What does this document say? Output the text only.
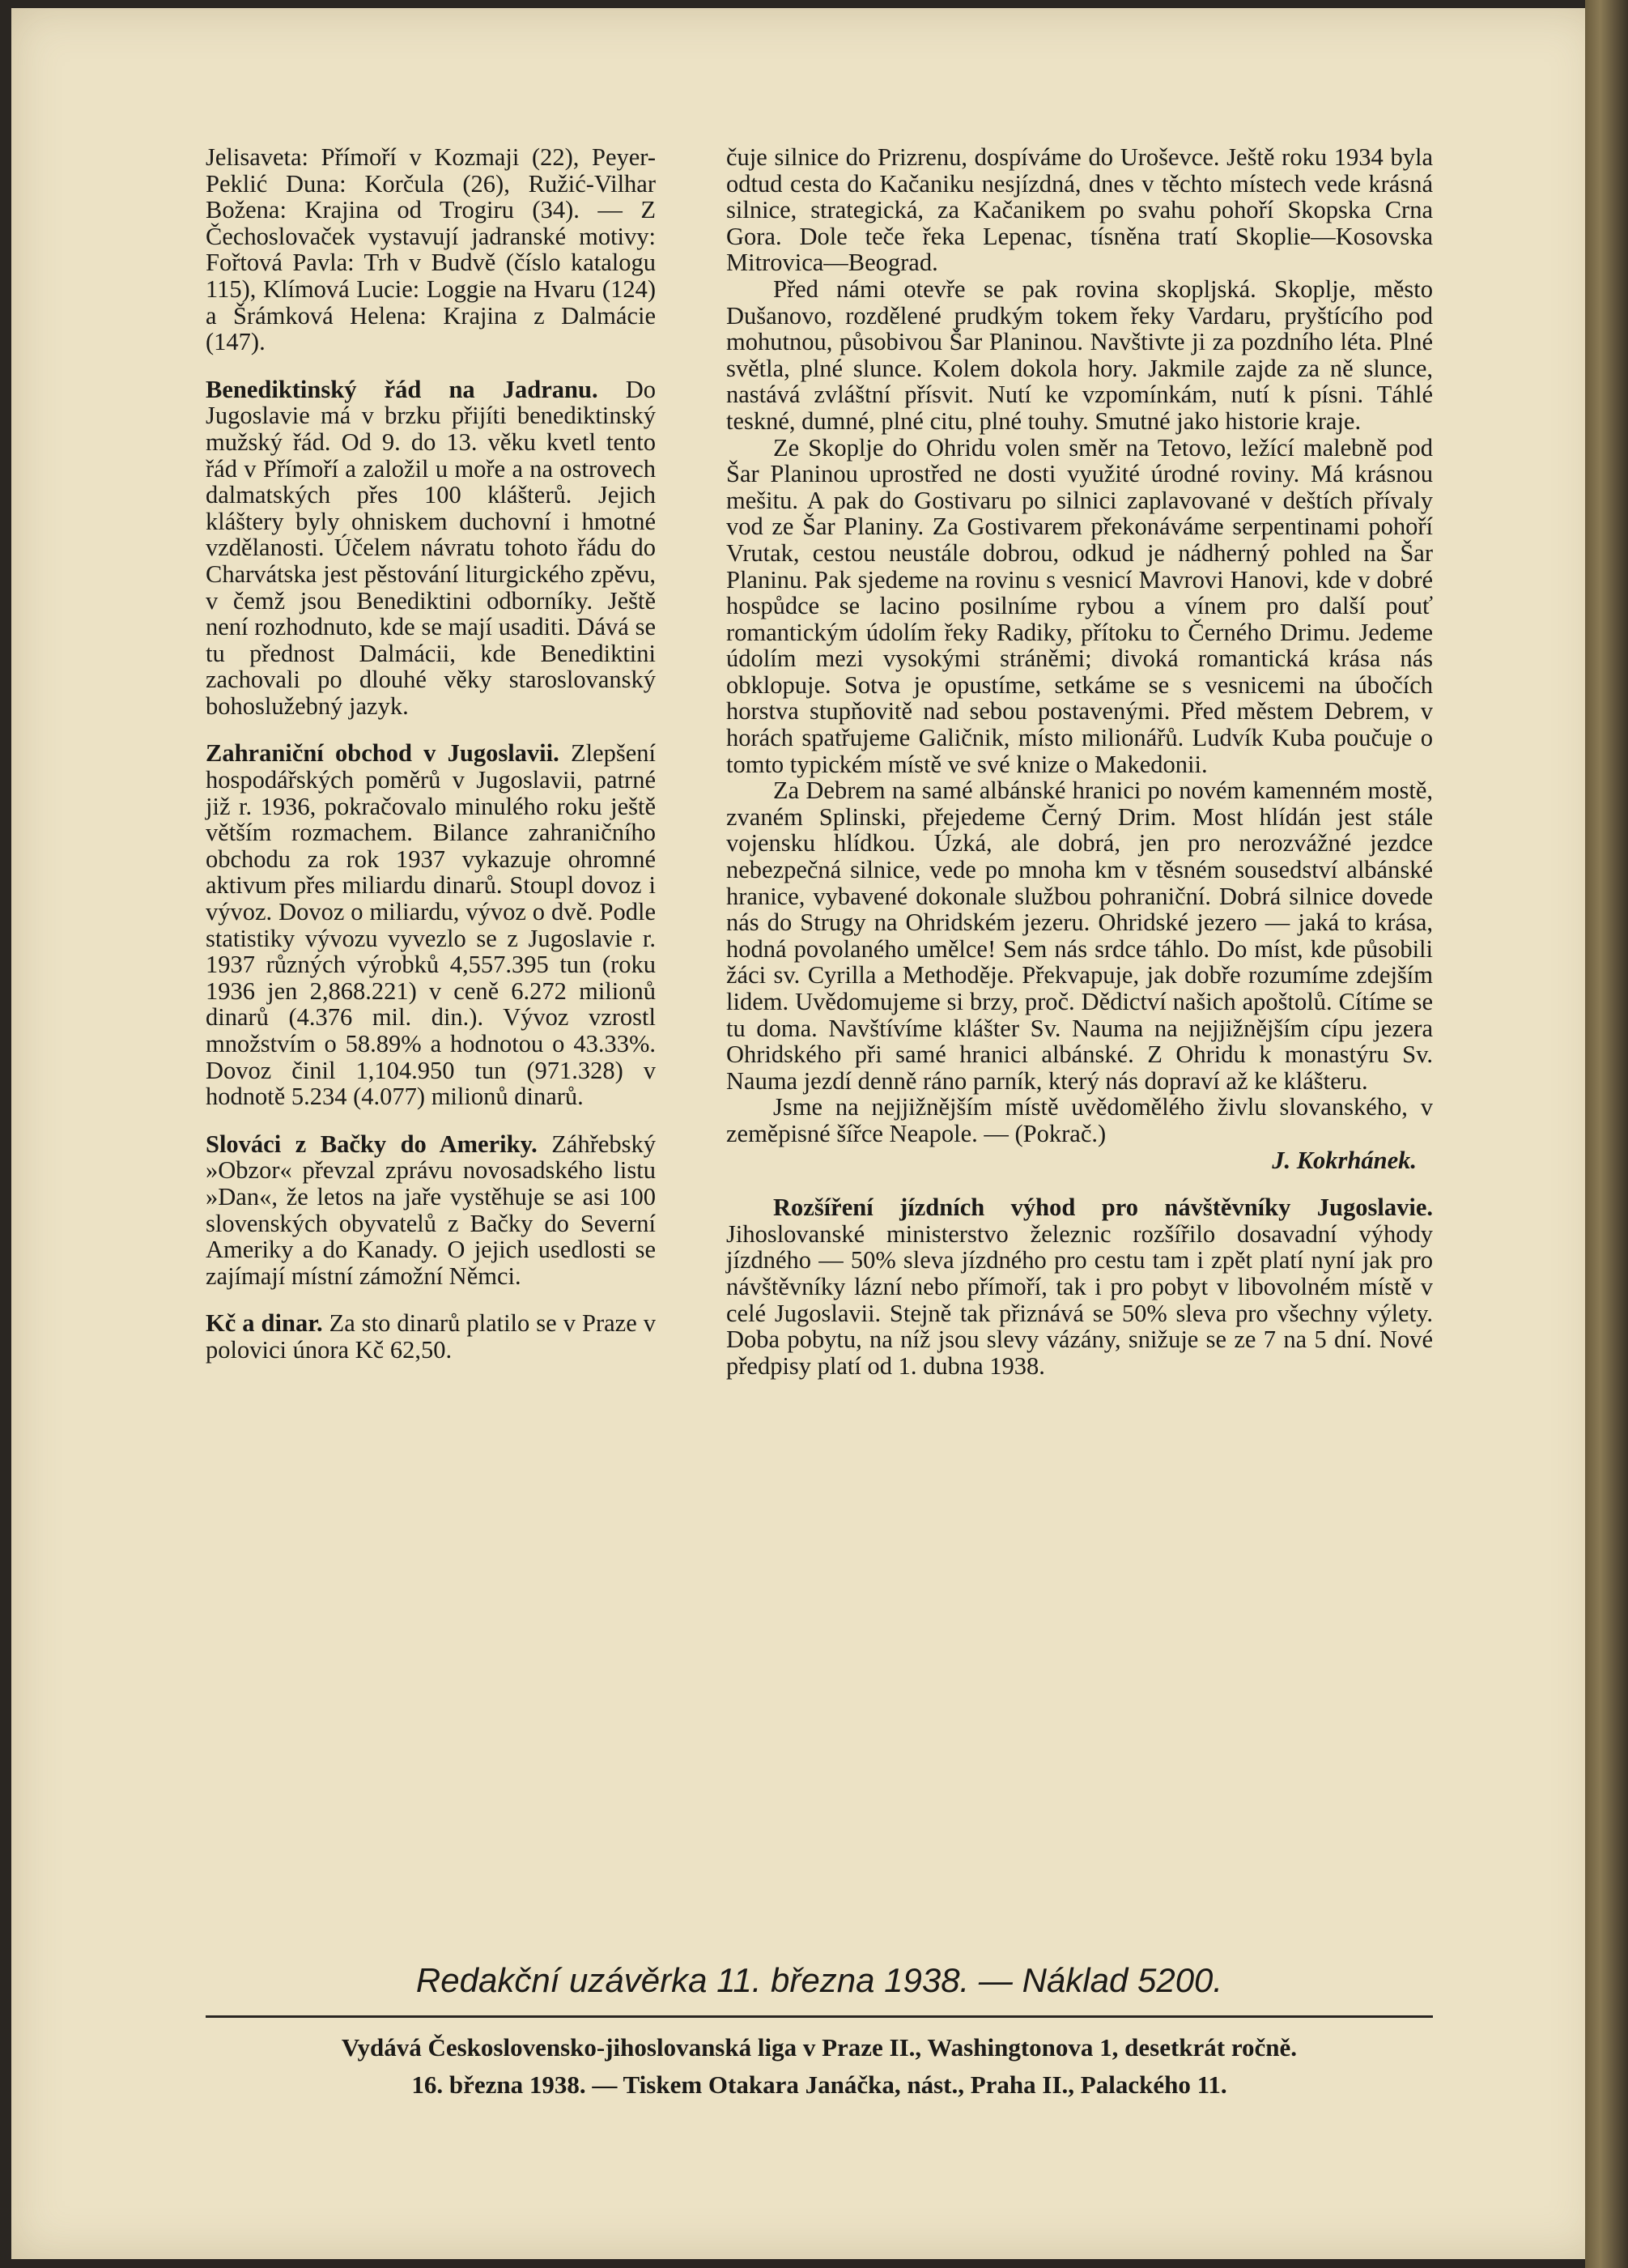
Jelisaveta: Přímoří v Kozmaji (22), Peyer-Peklić Duna: Korčula (26), Ružić-Vilhar Božena: Krajina od Trogiru (34). — Z Čechoslovaček vystavují jadranské motivy: Fořtová Pavla: Trh v Budvě (číslo katalogu 115), Klímová Lucie: Loggie na Hvaru (124) a Šrámková Helena: Krajina z Dalmácie (147).

Benediktinský řád na Jadranu. Do Jugoslavie má v brzku přijíti benediktinský mužský řád. Od 9. do 13. věku kvetl tento řád v Přímoří a založil u moře a na ostrovech dalmatských přes 100 klášterů. Jejich kláštery byly ohniskem duchovní i hmotné vzdělanosti. Účelem návratu tohoto řádu do Charvátska jest pěstování liturgického zpěvu, v čemž jsou Benediktini odborníky. Ještě není rozhodnuto, kde se mají usaditi. Dává se tu přednost Dalmácii, kde Benediktini zachovali po dlouhé věky staroslovanský bohoslužebný jazyk.

Zahraniční obchod v Jugoslavii. Zlepšení hospodářských poměrů v Jugoslavii, patrné již r. 1936, pokračovalo minulého roku ještě větším rozmachem. Bilance zahraničního obchodu za rok 1937 vykazuje ohromné aktivum přes miliardu dinarů. Stoupl dovoz i vývoz. Dovoz o miliardu, vývoz o dvě. Podle statistiky vývozu vyvezlo se z Jugoslavie r. 1937 různých výrobků 4,557.395 tun (roku 1936 jen 2,868.221) v ceně 6.272 milionů dinarů (4.376 mil. din.). Vývoz vzrostl množstvím o 58.89% a hodnotou o 43.33%. Dovoz činil 1,104.950 tun (971.328) v hodnotě 5.234 (4.077) milionů dinarů.

Slováci z Bačky do Ameriky. Záhřebský »Obzor« převzal zprávu novosadského listu »Dan«, že letos na jaře vystěhuje se asi 100 slovenských obyvatelů z Bačky do Severní Ameriky a do Kanady. O jejich usedlosti se zajímají místní zámožní Němci.

Kč a dinar. Za sto dinarů platilo se v Praze v polovici února Kč 62,50.

čuje silnice do Prizrenu, dospíváme do Uroševce. Ještě roku 1934 byla odtud cesta do Kačaniku nesjízdná, dnes v těchto místech vede krásná silnice, strategická, za Kačanikem po svahu pohoří Skopska Crna Gora. Dole teče řeka Lepenac, tísněna tratí Skoplie—Kosovska Mitrovica—Beograd.

Před námi otevře se pak rovina skopljská. Skoplje, město Dušanovo, rozdělené prudkým tokem řeky Vardaru, pryštícího pod mohutnou, působivou Šar Planinou. Navštivte ji za pozdního léta. Plné světla, plné slunce. Kolem dokola hory. Jakmile zajde za ně slunce, nastává zvláštní přísvit. Nutí ke vzpomínkám, nutí k písni. Táhlé teskné, dumné, plné citu, plné touhy. Smutné jako historie kraje.

Ze Skoplje do Ohridu volen směr na Tetovo, ležící malebně pod Šar Planinou uprostřed ne dosti využité úrodné roviny. Má krásnou mešitu. A pak do Gostivaru po silnici zaplavované v deštích přívaly vod ze Šar Planiny. Za Gostivarem překonáváme serpentinami pohoří Vrutak, cestou neustále dobrou, odkud je nádherný pohled na Šar Planinu. Pak sjedeme na rovinu s vesnicí Mavrovi Hanovi, kde v dobré hospůdce se lacino posilníme rybou a vínem pro další pouť romantickým údolím řeky Radiky, přítoku to Černého Drimu. Jedeme údolím mezi vysokými stráněmi; divoká romantická krása nás obklopuje. Sotva je opustíme, setkáme se s vesnicemi na úbočích horstva stupňovitě nad sebou postavenými. Před městem Debrem, v horách spatřujeme Galičnik, místo milionářů. Ludvík Kuba poučuje o tomto typickém místě ve své knize o Makedonii.

Za Debrem na samé albánské hranici po novém kamenném mostě, zvaném Splinski, přejedeme Černý Drim. Most hlídán jest stále vojensku hlídkou. Úzká, ale dobrá, jen pro nerozvážné jezdce nebezpečná silnice, vede po mnoha km v těsném sousedství albánské hranice, vybavené dokonale službou pohraniční. Dobrá silnice dovede nás do Strugy na Ohridském jezeru. Ohridské jezero — jaká to krása, hodná povolaného umělce! Sem nás srdce táhlo. Do míst, kde působili žáci sv. Cyrilla a Methoděje. Překvapuje, jak dobře rozumíme zdejším lidem. Uvědomujeme si brzy, proč. Dědictví našich apoštolů. Cítíme se tu doma. Navštívíme klášter Sv. Nauma na nejjižnějším cípu jezera Ohridského při samé hranici albánské. Z Ohridu k monastýru Sv. Nauma jezdí denně ráno parník, který nás dopraví až ke klášteru.

Jsme na nejjižnějším místě uvědomělého živlu slovanského, v zeměpisné šířce Neapole. — (Pokrač.)

J. Kokrhánek.

Rozšíření jízdních výhod pro návštěvníky Jugoslavie. Jihoslovanské ministerstvo železnic rozšířilo dosavadní výhody jízdného — 50% sleva jízdného pro cestu tam i zpět platí nyní jak pro návštěvníky lázní nebo přímoří, tak i pro pobyt v libovolném místě v celé Jugoslavii. Stejně tak přiznává se 50% sleva pro všechny výlety. Doba pobytu, na níž jsou slevy vázány, snižuje se ze 7 na 5 dní. Nové předpisy platí od 1. dubna 1938.

Redakční uzávěrka 11. března 1938. — Náklad 5200.
Vydává Československo-jihoslovanská liga v Praze II., Washingtonova 1, desetkrát ročně.
16. března 1938. — Tiskem Otakara Janáčka, nást., Praha II., Palackého 11.
